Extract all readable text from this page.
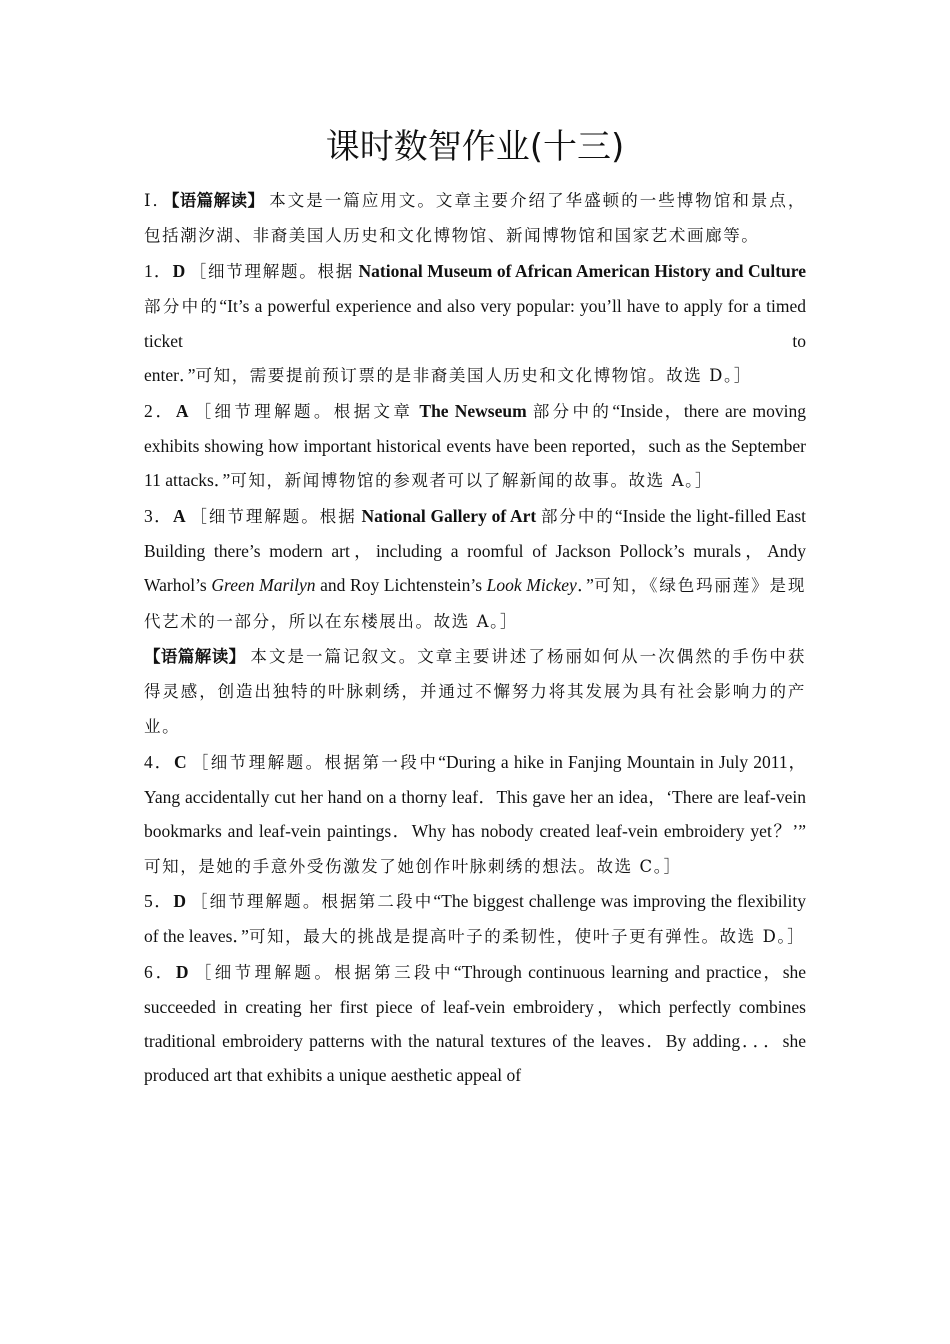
课时数智作业(十三)

Ⅰ．【语篇解读】 本文是一篇应用文。文章主要介绍了华盛顿的一些博物馆和景点，包括潮汐湖、非裔美国人历史和文化博物馆、新闻博物馆和国家艺术画廊等。

1．D ［细节理解题。根据 National Museum of African American History and Culture 部分中的“It’s a powerful experience and also very popular: you’ll have to apply for a timed ticket to enter．”可知，需要提前预订票的是非裔美国人历史和文化博物馆。故选 D。］

2．A ［细节理解题。根据文章 The Newseum 部分中的“Inside，there are moving exhibits showing how important historical events have been reported，such as the September 11 attacks．”可知，新闻博物馆的参观者可以了解新闻的故事。故选 A。］

3．A ［细节理解题。根据 National Gallery of Art 部分中的“Inside the light-filled East Building there’s modern art，including a roomful of Jackson Pollock’s murals，Andy Warhol’s Green Marilyn and Roy Lichtenstein’s Look Mickey．”可知，《绿色玛丽莲》是现代艺术的一部分，所以在东楼展出。故选 A。］

【语篇解读】 本文是一篇记叙文。文章主要讲述了杨丽如何从一次偶然的手伤中获得灵感，创造出独特的叶脉刺绣，并通过不懈努力将其发展为具有社会影响力的产业。

4．C ［细节理解题。根据第一段中“During a hike in Fanjing Mountain in July 2011，Yang accidentally cut her hand on a thorny leaf．This gave her an idea，‘There are leaf-vein bookmarks and leaf-vein paintings．Why has nobody created leaf-vein embroidery yet？’” 可知，是她的手意外受伤激发了她创作叶脉刺绣的想法。故选 C。］

5．D ［细节理解题。根据第二段中“The biggest challenge was improving the flexibility of the leaves．”可知，最大的挑战是提高叶子的柔韧性，使叶子更有弹性。故选 D。］

6．D ［细节理解题。根据第三段中“Through continuous learning and practice，she succeeded in creating her first piece of leaf-vein embroidery，which perfectly combines traditional embroidery patterns with the natural textures of the leaves．By adding．．．she produced art that exhibits a unique aesthetic appeal of
